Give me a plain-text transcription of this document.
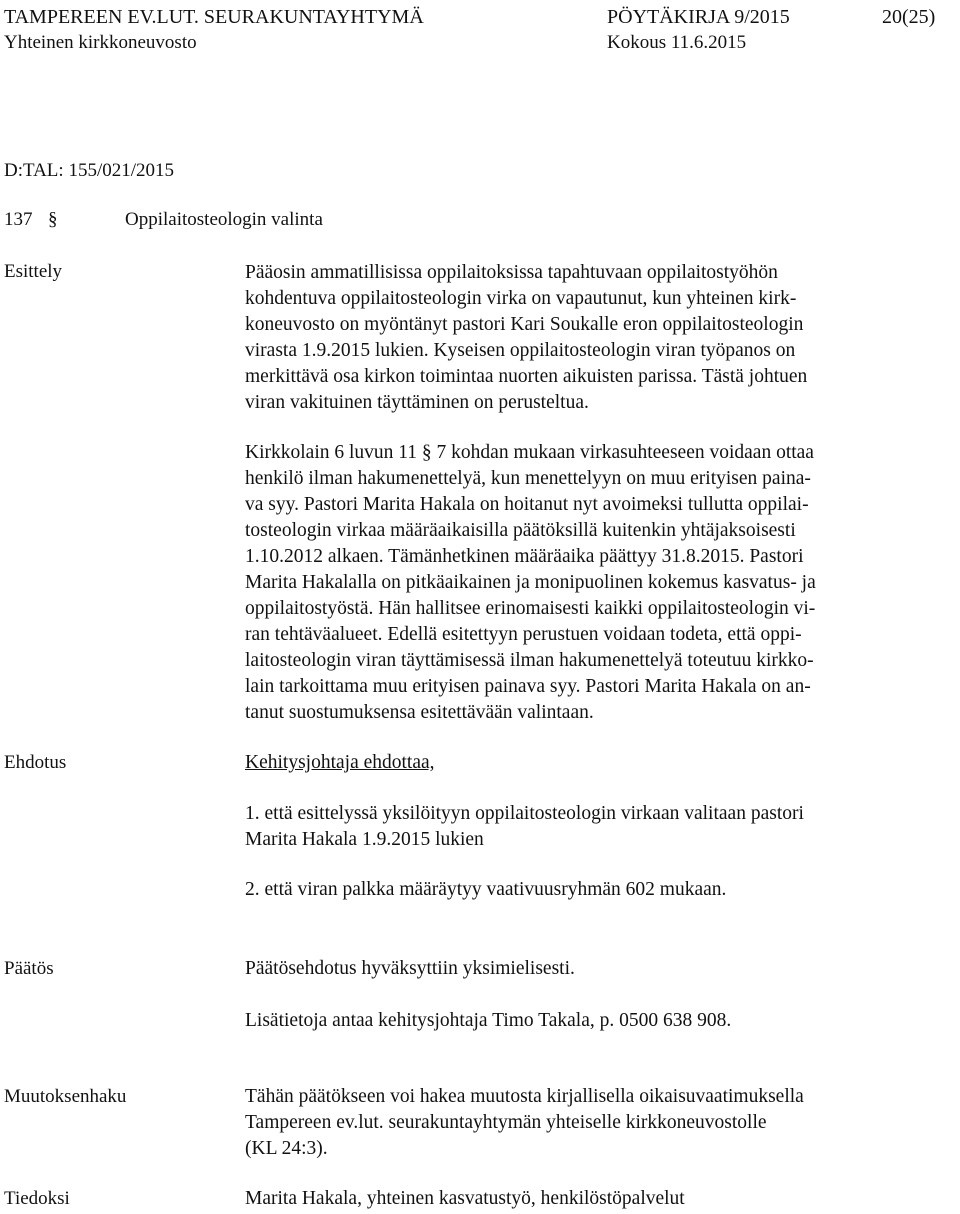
TAMPEREEN EV.LUT. SEURAKUNTAYHTYMÄ	PÖYTÄKIRJA 9/2015	20(25)
Yhteinen kirkkoneuvosto	Kokous 11.6.2015
D:TAL: 155/021/2015
137 §	Oppilaitosteologin valinta
Esittely	Pääosin ammatillisissa oppilaitoksissa tapahtuvaan oppilaitostyöhön
kohdentuva oppilaitosteologin virka on vapautunut, kun yhteinen kirk-
koneuvosto on myöntänyt pastori Kari Soukalle eron oppilaitosteologin
virasta 1.9.2015 lukien. Kyseisen oppilaitosteologin viran työpanos on
merkittävä osa kirkon toimintaa nuorten aikuisten parissa. Tästä johtuen
viran vakituinen täyttäminen on perusteltua.
Kirkkolain 6 luvun 11 § 7 kohdan mukaan virkasuhteeseen voidaan ottaa
henkilö ilman hakumenettelyä, kun menettelyyn on muu erityisen paina-
va syy. Pastori Marita Hakala on hoitanut nyt avoimeksi tullutta oppilai-
tosteologin virkaa määräaikaisilla päätöksillä kuitenkin yhtäjaksoisesti
1.10.2012 alkaen. Tämänhetkinen määräaika päättyy 31.8.2015. Pastori
Marita Hakalalla on pitkäaikainen ja monipuolinen kokemus kasvatus- ja
oppilaitostyöstä. Hän hallitsee erinomaisesti kaikki oppilaitosteologin vi-
ran tehtäväalueet. Edellä esitettyyn perustuen voidaan todeta, että oppi-
laitosteologin viran täyttämisessä ilman hakumenettelyä toteutuu kirkko-
lain tarkoittama muu erityisen painava syy. Pastori Marita Hakala on an-
tanut suostumuksensa esitettävään valintaan.
Ehdotus	Kehitysjohtaja ehdottaa,
1. että esittelyssä yksilöityyn oppilaitosteologin virkaan valitaan pastori
Marita Hakala 1.9.2015 lukien
2. että viran palkka määräytyy vaativuusryhmän 602 mukaan.
Päätös	Päätösehdotus hyväksyttiin yksimielisesti.
Lisätietoja antaa kehitysjohtaja Timo Takala, p. 0500 638 908.
Muutoksenhaku	Tähän päätökseen voi hakea muutosta kirjallisella oikaisuvaatimuksella
Tampereen ev.lut. seurakuntayhtymän yhteiselle kirkkoneuvostolle
(KL 24:3).
Tiedoksi	Marita Hakala, yhteinen kasvatustyö, henkilöstöpalvelut
